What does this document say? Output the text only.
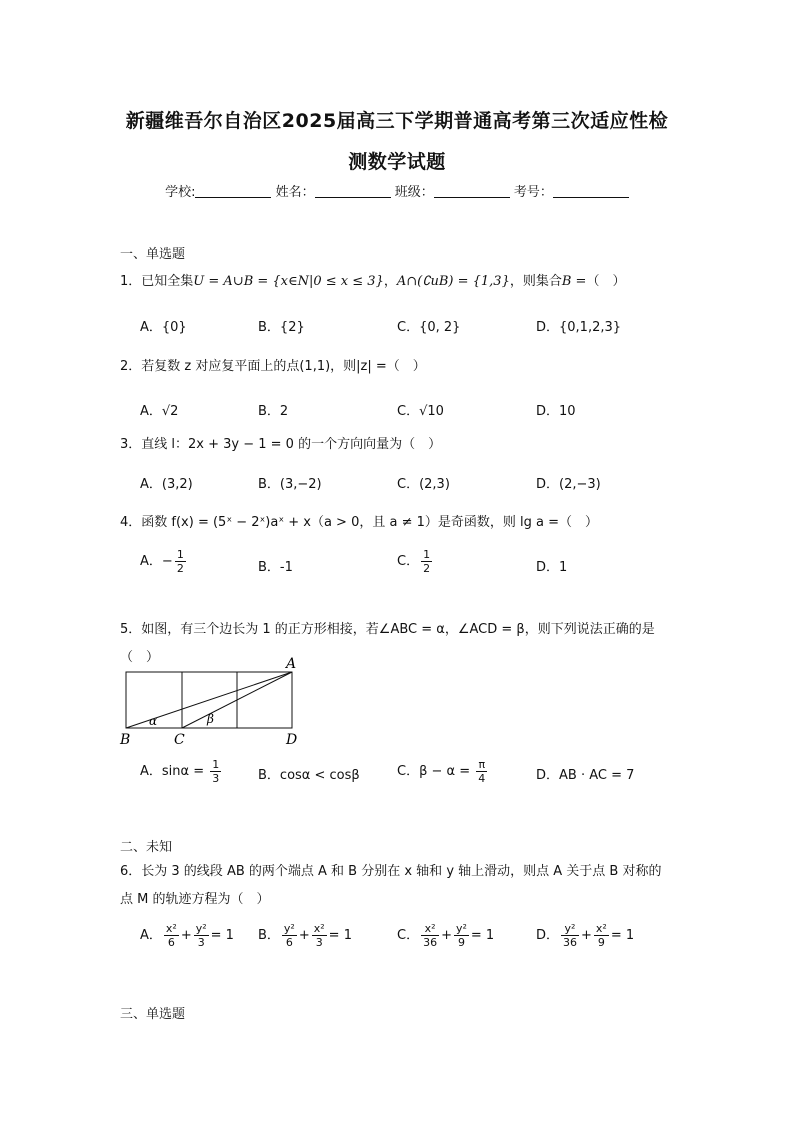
新疆维吾尔自治区2025届高三下学期普通高考第三次适应性检
测数学试题
学校:	姓名：	班级：	考号：
一、单选题
1．已知全集U = A∪B = {x∈N|0 ≤ x ≤ 3}，A∩(∁uB) = {1,3}，则集合B =（　）
A．{0}	B．{2}	C．{0, 2}	D．{0,1,2,3}
2．若复数 z 对应复平面上的点(1,1)，则|z| =（　）
A．√2	B．2	C．√10	D．10
3．直线 l：2x + 3y − 1 = 0 的一个方向向量为（　）
A．(3,2)	B．(3,−2)	C．(2,3)	D．(2,−3)
4．函数 f(x) = (5ˣ − 2ˣ)aˣ + x（a > 0，且 a ≠ 1）是奇函数，则 lg a =（　）
A．− $\frac{1}{2}$	B．-1	C． $\frac{1}{2}$	D．1
5．如图，有三个边长为 1 的正方形相接，若∠ABC = α，∠ACD = β，则下列说法正确的是
（　）	A
B	C	D
α	β
A．$\sin\alpha = \frac{1}{3}$	B．cosα < cosβ	C．$\beta - \alpha = \frac{\pi}{4}$	D．AB · AC = 7
二、未知
6．长为 3 的线段 AB 的两个端点 A 和 B 分别在 x 轴和 y 轴上滑动，则点 A 关于点 B 对称的
点 M 的轨迹方程为（　）
A． $\frac{\text{x²}}{6} + \frac{\text{y²}}{3} = 1$ B． $\frac{\text{y²}}{6} + \frac{\text{x²}}{3} = 1$	C． $\frac{\text{x²}}{36} + \frac{\text{y²}}{9} = 1$	D． $\frac{\text{y²}}{36} + \frac{\text{x²}}{9} = 1$
三、单选题
